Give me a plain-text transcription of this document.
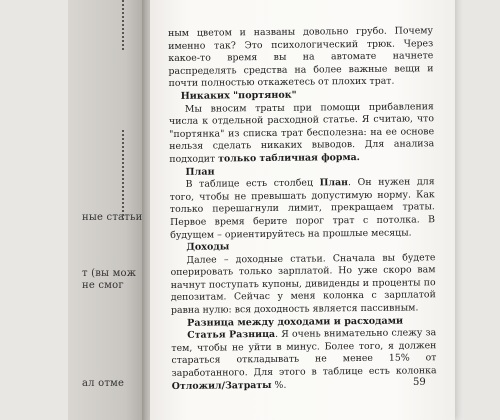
ные статьи
т (вы мож
не смог
ал отме

ным цветом и названы довольно грубо. Почему именно так? Это психологический трюк. Через какое-то время вы на автомате начнете распределять средства на более важные вещи и почти полностью откажетесь от плохих трат.

Никаких "портянок"

Мы вносим траты при помощи прибавления числа к отдельной расходной статье. Я считаю, что "портянка" из списка трат бесполезна: на ее основе нельзя сделать никаких выводов. Для анализа подходит только табличная форма.

План

В таблице есть столбец План. Он нужен для того, чтобы не превышать допустимую норму. Как только перешагнули лимит, прекращаем траты. Первое время берите порог трат с потолка. В будущем – ориентируйтесь на прошлые месяцы.

Доходы

Далее – доходные статьи. Сначала вы будете оперировать только зарплатой. Но уже скоро вам начнут поступать купоны, дивиденды и проценты по депозитам. Сейчас у меня колонка с зарплатой равна нулю: вся доходность является пассивным.

Разница между доходами и расходами

Статья Разница. Я очень внимательно слежу за тем, чтобы не уйти в минус. Более того, я должен стараться откладывать не менее 15% от заработанного. Для этого в таблице есть колонка Отложил/Затраты %.	59
